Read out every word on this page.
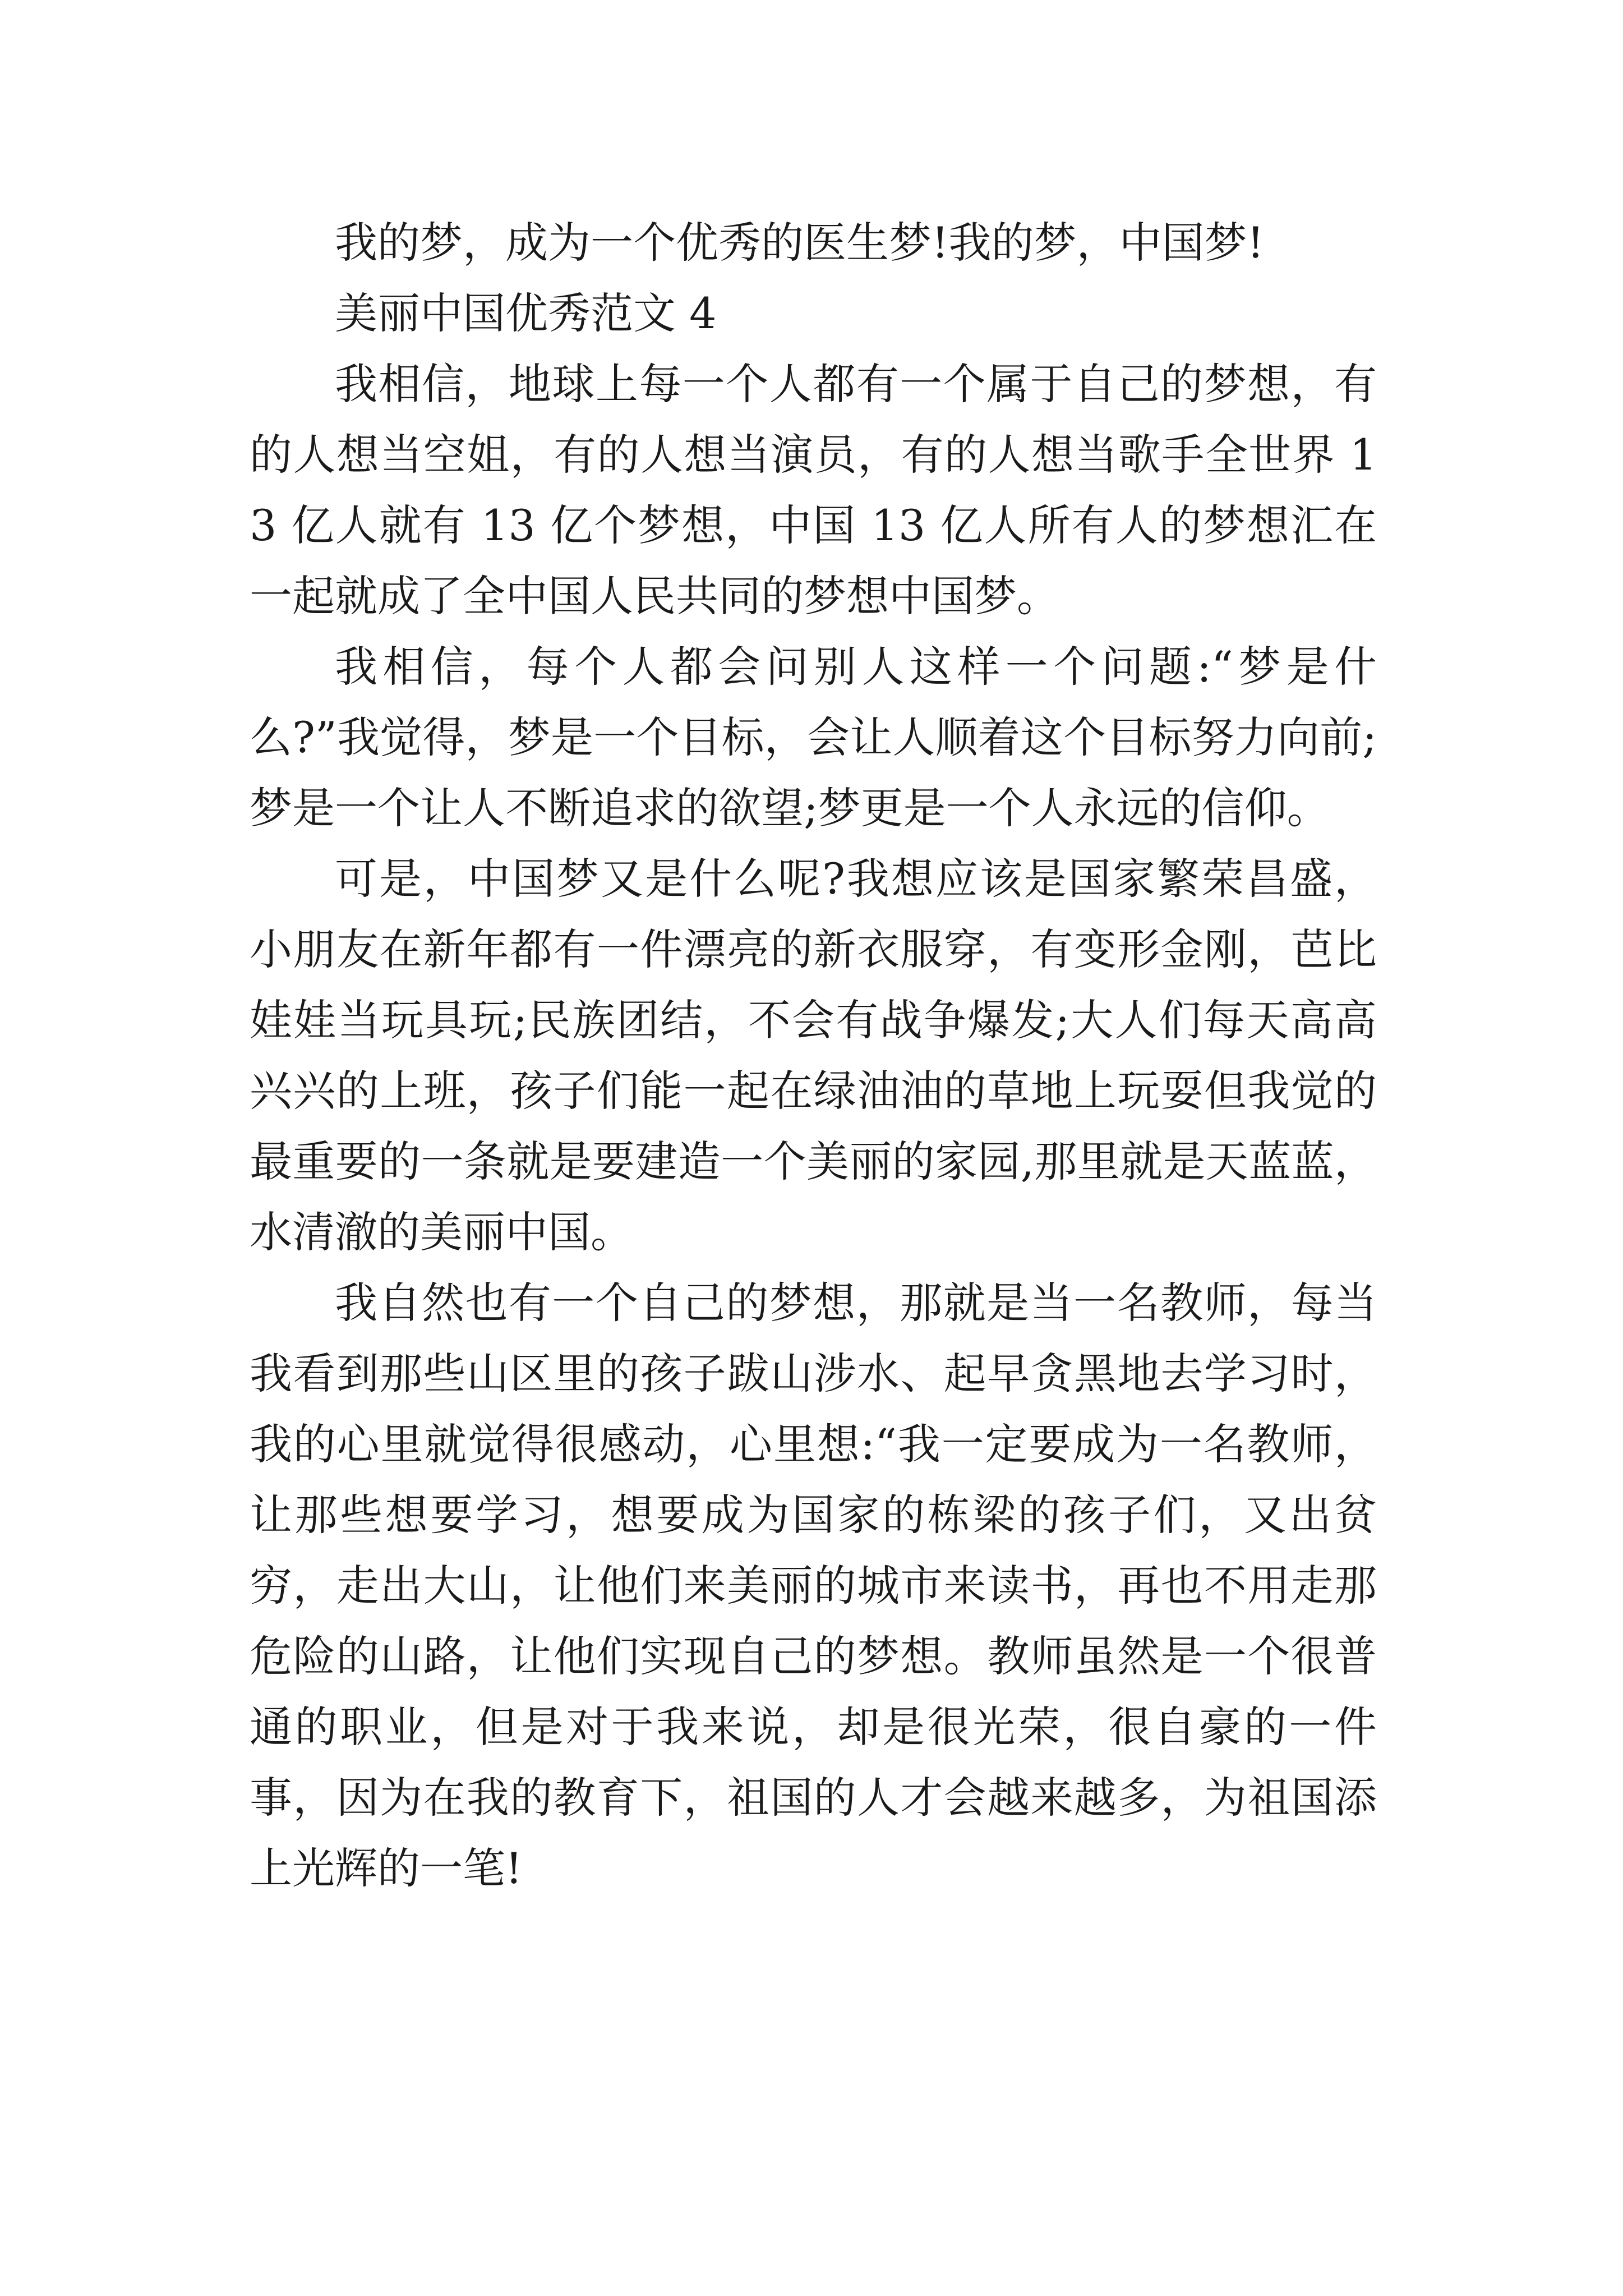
我的梦，成为一个优秀的医生梦!我的梦，中国梦!

美丽中国优秀范文 4

我相信，地球上每一个人都有一个属于自己的梦想，有的人想当空姐，有的人想当演员，有的人想当歌手全世界 13 亿人就有 13 亿个梦想，中国 13 亿人所有人的梦想汇在一起就成了全中国人民共同的梦想中国梦。

我相信，每个人都会问别人这样一个问题:“梦是什么?”我觉得，梦是一个目标，会让人顺着这个目标努力向前;梦是一个让人不断追求的欲望;梦更是一个人永远的信仰。

可是，中国梦又是什么呢?我想应该是国家繁荣昌盛，小朋友在新年都有一件漂亮的新衣服穿，有变形金刚，芭比娃娃当玩具玩;民族团结，不会有战争爆发;大人们每天高高兴兴的上班，孩子们能一起在绿油油的草地上玩耍但我觉的最重要的一条就是要建造一个美丽的家园,那里就是天蓝蓝，水清澈的美丽中国。

我自然也有一个自己的梦想，那就是当一名教师，每当我看到那些山区里的孩子跋山涉水、起早贪黑地去学习时，我的心里就觉得很感动，心里想:“我一定要成为一名教师，让那些想要学习，想要成为国家的栋梁的孩子们，又出贫穷，走出大山，让他们来美丽的城市来读书，再也不用走那危险的山路，让他们实现自己的梦想。教师虽然是一个很普通的职业，但是对于我来说，却是很光荣，很自豪的一件事，因为在我的教育下，祖国的人才会越来越多，为祖国添上光辉的一笔!
